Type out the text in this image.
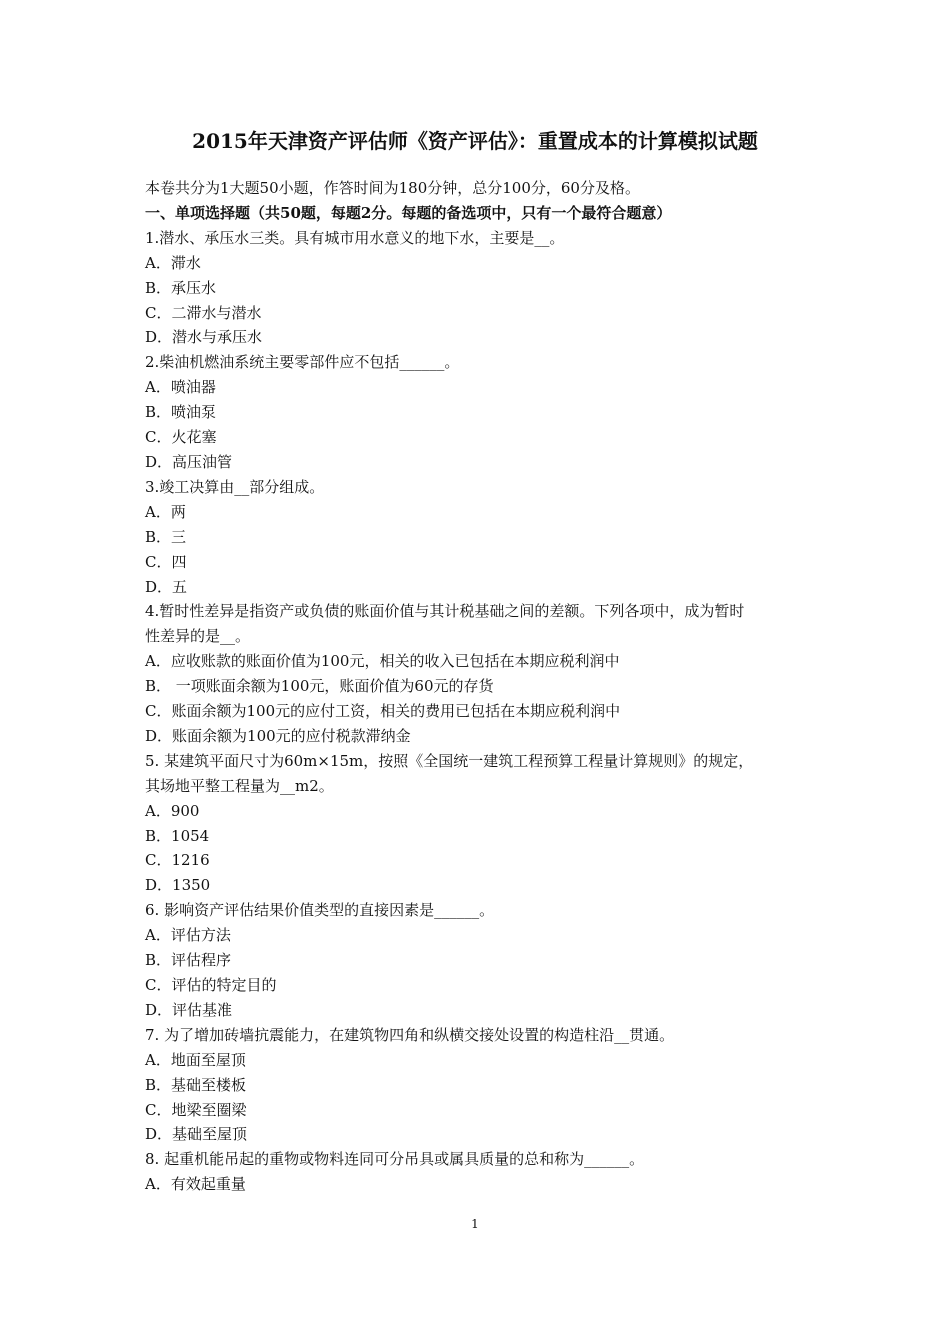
2015年天津资产评估师《资产评估》：重置成本的计算模拟试题
本卷共分为1大题50小题，作答时间为180分钟，总分100分，60分及格。
一、单项选择题（共50题，每题2分。每题的备选项中，只有一个最符合题意）
1.潜水、承压水三类。具有城市用水意义的地下水，主要是__。
A．滞水
B．承压水
C．二滞水与潜水
D．潜水与承压水
2.柴油机燃油系统主要零部件应不包括______。
A．喷油器
B．喷油泵
C．火花塞
D．高压油管
3.竣工决算由__部分组成。
A．两
B．三
C．四
D．五
4.暂时性差异是指资产或负债的账面价值与其计税基础之间的差额。下列各项中，成为暂时
性差异的是__。
A．应收账款的账面价值为100元，相关的收入已包括在本期应税利润中
B． 一项账面余额为100元，账面价值为60元的存货
C．账面余额为100元的应付工资，相关的费用已包括在本期应税利润中
D．账面余额为100元的应付税款滞纳金
5. 某建筑平面尺寸为60m×15m，按照《全国统一建筑工程预算工程量计算规则》的规定，
其场地平整工程量为__m2。
A．900
B．1054
C．1216
D．1350
6. 影响资产评估结果价值类型的直接因素是______。
A．评估方法
B．评估程序
C．评估的特定目的
D．评估基准
7. 为了增加砖墙抗震能力，在建筑物四角和纵横交接处设置的构造柱沿__贯通。
A．地面至屋顶
B．基础至楼板
C．地梁至圈梁
D．基础至屋顶
8. 起重机能吊起的重物或物料连同可分吊具或属具质量的总和称为______。
A．有效起重量
1
